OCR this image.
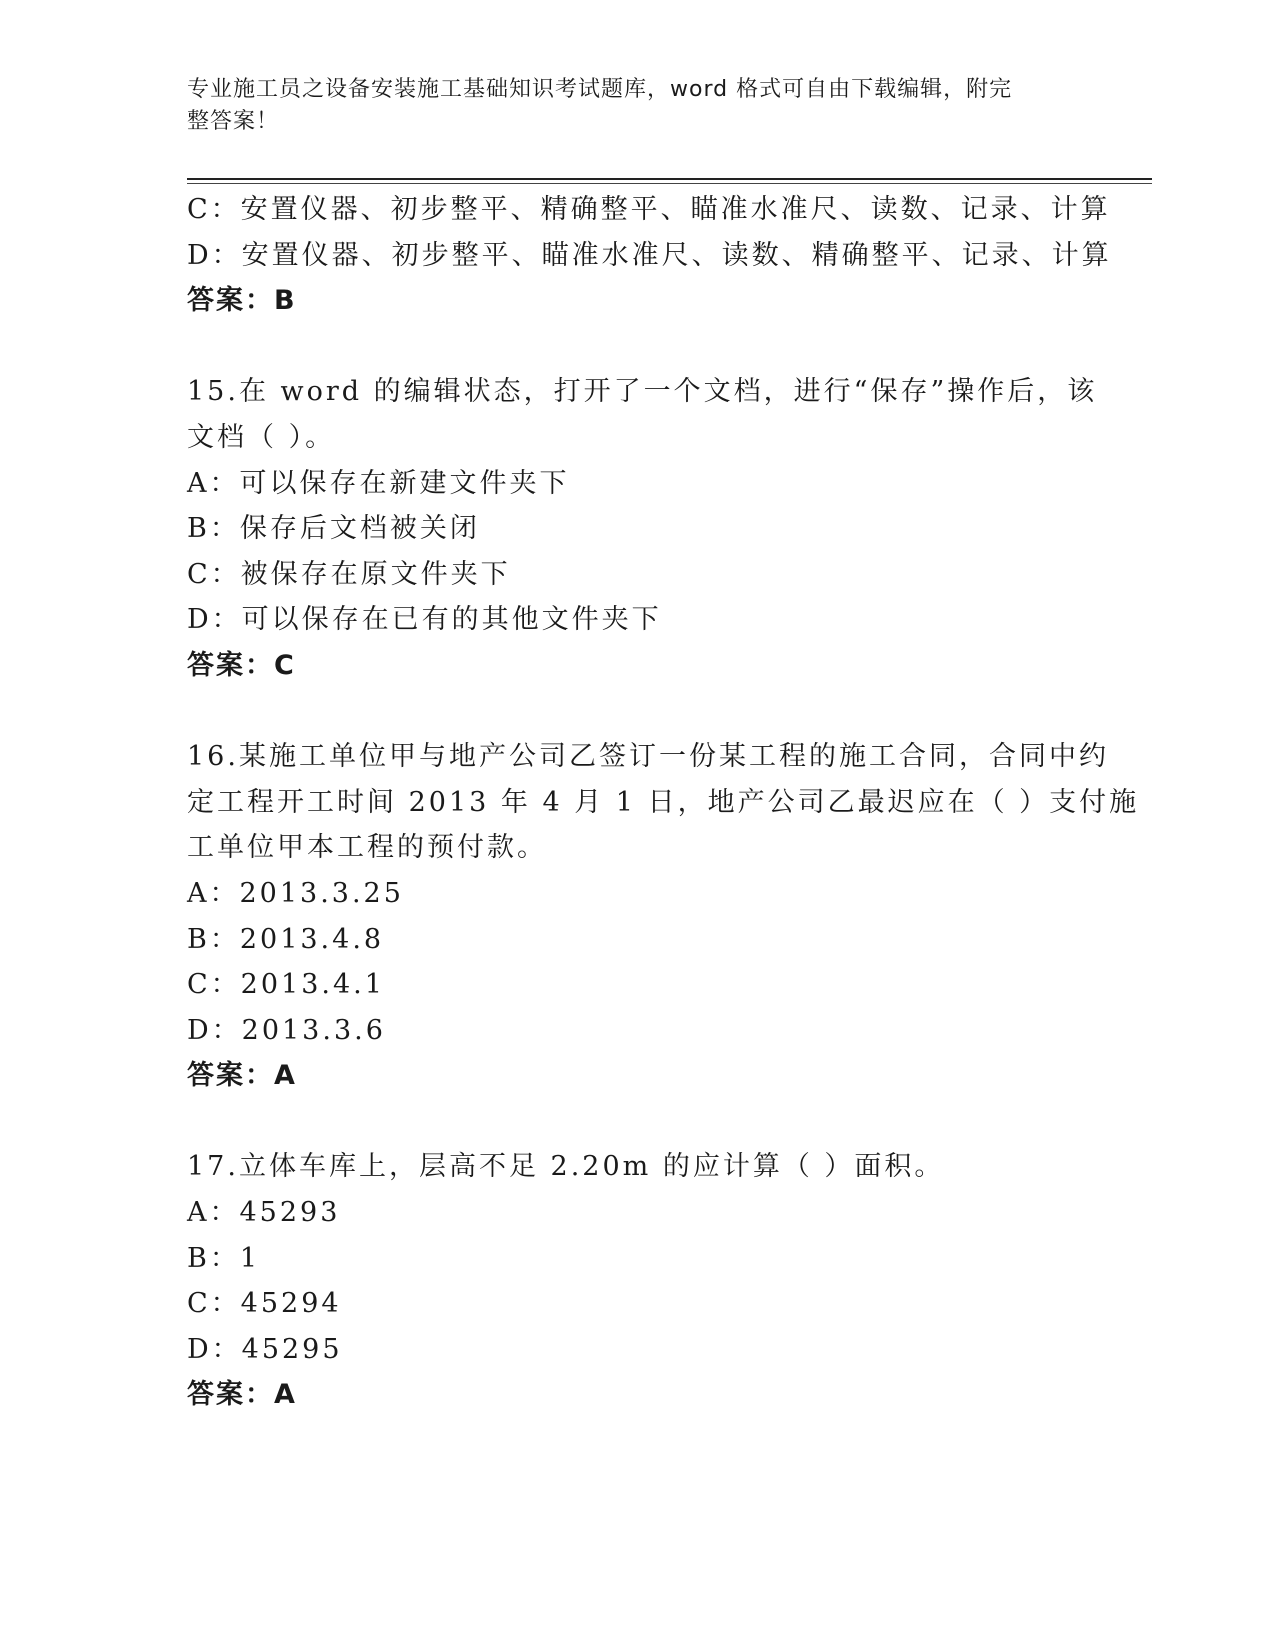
专业施工员之设备安装施工基础知识考试题库，word 格式可自由下载编辑，附完
整答案！
C：安置仪器、初步整平、精确整平、瞄准水准尺、读数、记录、计算
D：安置仪器、初步整平、瞄准水准尺、读数、精确整平、记录、计算
答案：B
15.在 word 的编辑状态，打开了一个文档，进行“保存”操作后，该
文档（ ）。
A：可以保存在新建文件夹下
B：保存后文档被关闭
C：被保存在原文件夹下
D：可以保存在已有的其他文件夹下
答案：C
16.某施工单位甲与地产公司乙签订一份某工程的施工合同，合同中约
定工程开工时间 2013 年 4 月 1 日，地产公司乙最迟应在（ ）支付施
工单位甲本工程的预付款。
A：2013.3.25
B：2013.4.8
C：2013.4.1
D：2013.3.6
答案：A
17.立体车库上，层高不足 2.20m 的应计算（ ）面积。
A：45293
B：1
C：45294
D：45295
答案：A
